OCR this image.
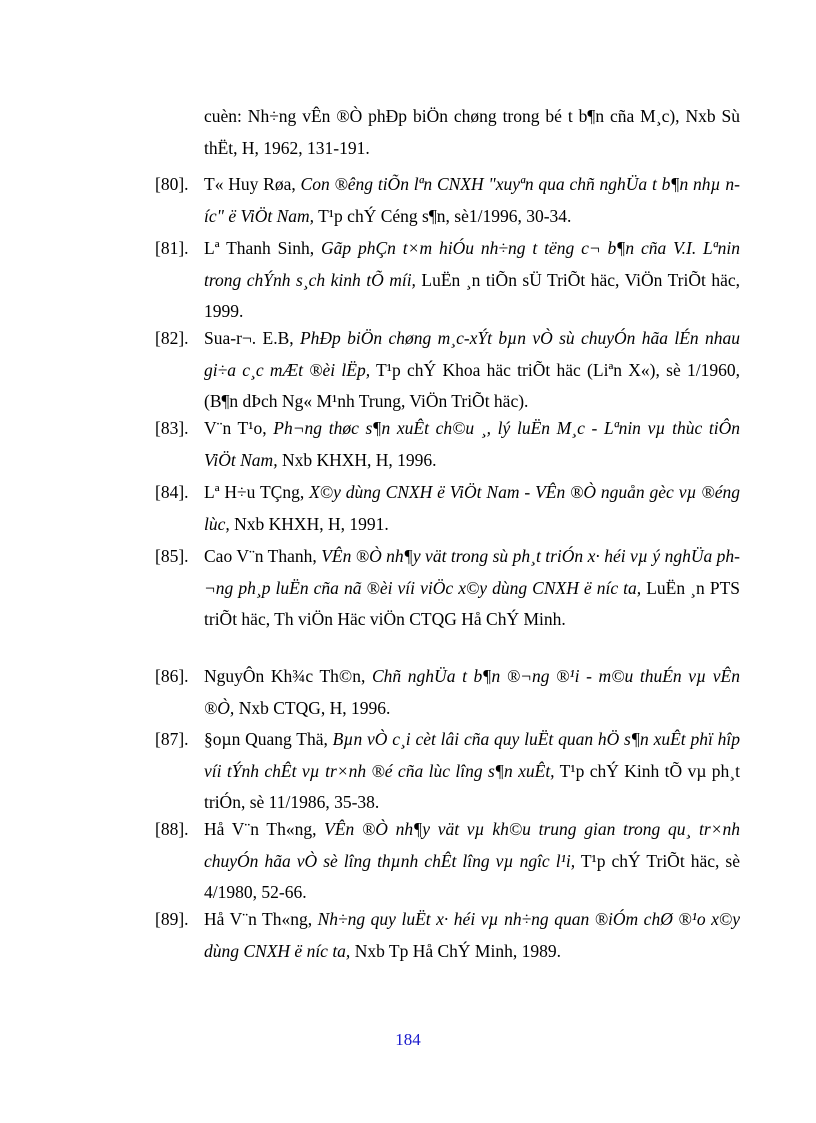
cuèn: Nh÷ng vÊn ®Ò phÐp biÖn chøng trong bé t b¶n cña M¸c), Nxb Sù thËt, H, 1962, 131-191.
[80]. T« Huy Røa, Con ®êng tiÕn lªn CNXH "xuyªn qua chñ nghÜa t b¶n nhµ níc" ë ViÖt Nam, T¹p chÝ Céng s¶n, sè1/1996, 30-34.
[81]. Lª Thanh Sinh, Gãp phÇn t×m hiÓu nh÷ng t tëng c¬ b¶n cña V.I. Lªnin trong chÝnh s¸ch kinh tÕ míi, LuËn ¸n tiÕn sÜ TriÕt häc, ViÖn TriÕt häc, 1999.
[82]. Sua-r¬. E.B, PhÐp biÖn chøng m¸c-xÝt bµn vÒ sù chuyÓn hãa lÉn nhau gi÷a c¸c mÆt ®èi lËp, T¹p chÝ Khoa häc triÕt häc (Liªn X«), sè 1/1960, (B¶n dÞch Ng« M¹nh Trung, ViÖn TriÕt häc).
[83]. V¨n T¹o, Ph¬ng thøc s¶n xuÊt ch©u ¸, lý luËn M¸c - Lªnin vµ thùc tiÔn ViÖt Nam, Nxb KHXH, H, 1996.
[84]. Lª H÷u TÇng, X©y dùng CNXH ë ViÖt Nam - VÊn ®Ò nguån gèc vµ ®éng lùc, Nxb KHXH, H, 1991.
[85]. Cao V¨n Thanh, VÊn ®Ò nh¶y vät trong sù ph¸t triÓn x· héi vµ ý nghÜa ph¬ng ph¸p luËn cña nã ®èi víi viÖc x©y dùng CNXH ë níc ta, LuËn ¸n PTS triÕt häc, Th viÖn Häc viÖn CTQG Hå ChÝ Minh.
[86]. NguyÔn Kh¾c Th©n, Chñ nghÜa t b¶n ®¬ng ®¹i - m©u thuÉn vµ vÊn ®Ò, Nxb CTQG, H, 1996.
[87]. §oµn Quang Thä, Bµn vÒ c¸i cèt lâi cña quy luËt quan hÖ s¶n xuÊt phï hîp víi tÝnh chÊt vµ tr×nh ®é cña lùc lîng s¶n xuÊt, T¹p chÝ Kinh tÕ vµ ph¸t triÓn, sè 11/1986, 35-38.
[88]. Hå V¨n Th«ng, VÊn ®Ò nh¶y vät vµ kh©u trung gian trong qu¸ tr×nh chuyÓn hãa vÒ sè lîng thµnh chÊt lîng vµ ngîc l¹i, T¹p chÝ TriÕt häc, sè 4/1980, 52-66.
[89]. Hå V¨n Th«ng, Nh÷ng quy luËt x· héi vµ nh÷ng quan ®iÓm chØ ®¹o x©y dùng CNXH ë níc ta, Nxb Tp Hå ChÝ Minh, 1989.
184
